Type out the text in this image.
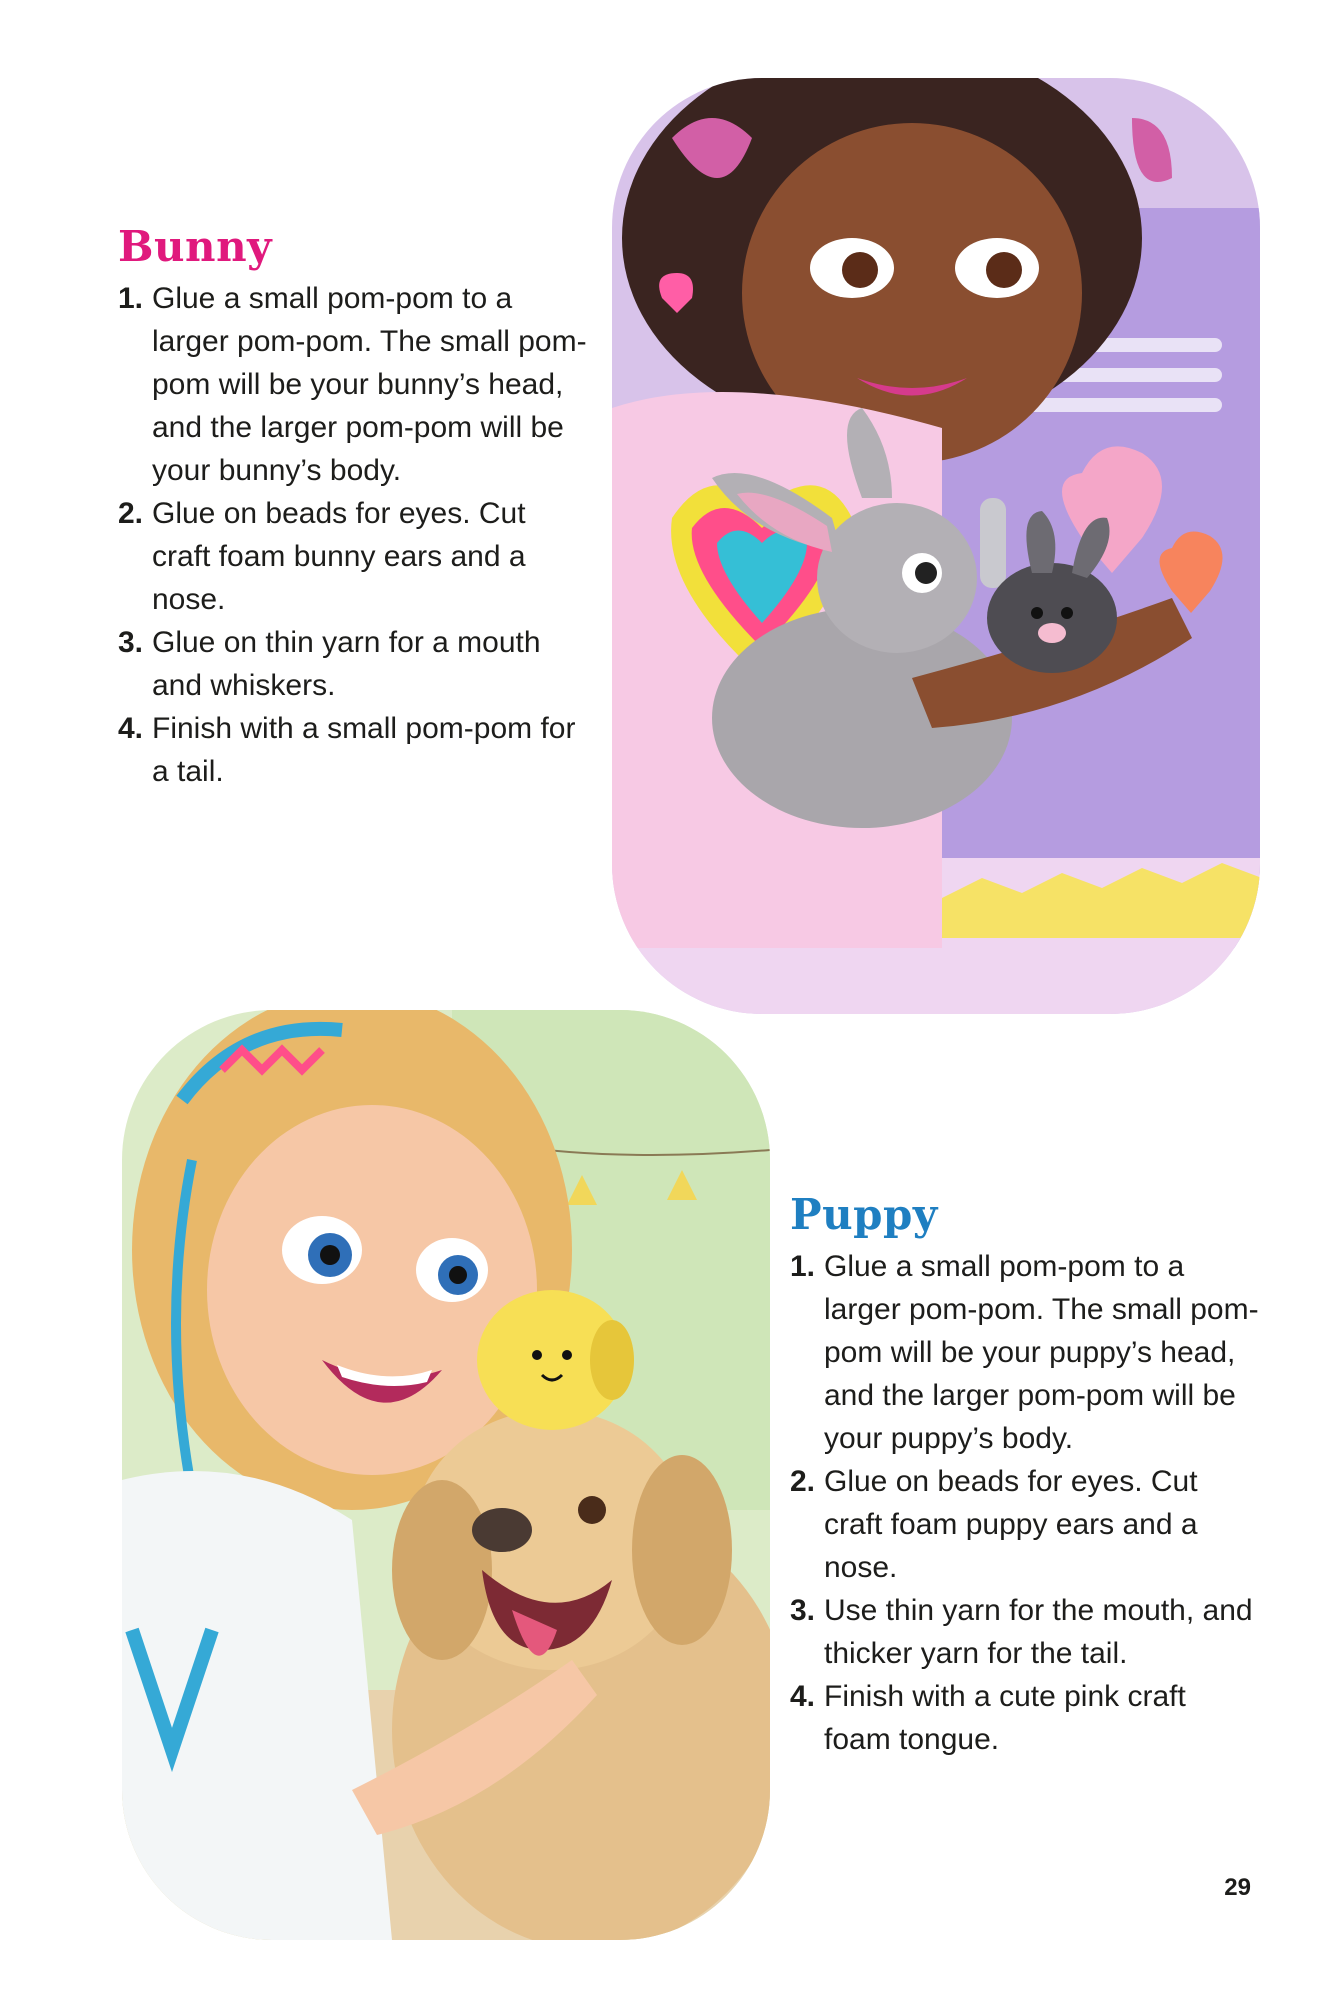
Bunny
1. Glue a small pom-pom to a larger pom-pom. The small pom-pom will be your bunny’s head, and the larger pom-pom will be your bunny’s body.
2. Glue on beads for eyes. Cut craft foam bunny ears and a nose.
3. Glue on thin yarn for a mouth and whiskers.
4. Finish with a small pom-pom for a tail.
Puppy
1. Glue a small pom-pom to a larger pom-pom. The small pom-pom will be your puppy’s head, and the larger pom-pom will be your puppy’s body.
2. Glue on beads for eyes. Cut craft foam puppy ears and a nose.
3. Use thin yarn for the mouth, and thicker yarn for the tail.
4. Finish with a cute pink craft foam tongue.
29
